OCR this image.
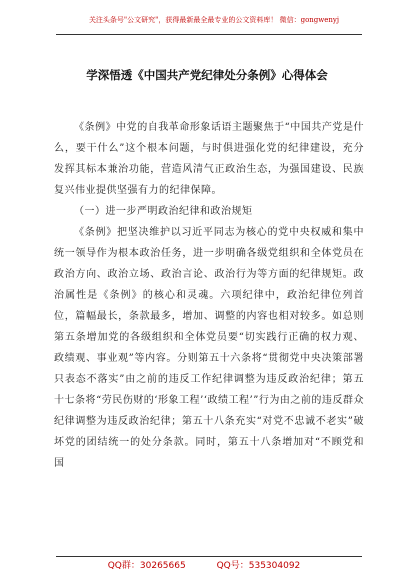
关注头条号"公文研究"，获得最新最全最专业的公文资料库！ 微信：gongwenyj
学深悟透《中国共产党纪律处分条例》心得体会

《条例》中党的自我革命形象话语主题聚焦于“中国共产党是什么，要干什么”这个根本问题，与时俱进强化党的纪律建设，充分发挥其标本兼治功能，营造风清气正政治生态，为强国建设、民族复兴伟业提供坚强有力的纪律保障。

（一）进一步严明政治纪律和政治规矩

《条例》把坚决维护以习近平同志为核心的党中央权威和集中统一领导作为根本政治任务，进一步明确各级党组织和全体党员在政治方向、政治立场、政治言论、政治行为等方面的纪律规矩。政治属性是《条例》的核心和灵魂。六项纪律中，政治纪律位列首位，篇幅最长，条款最多，增加、调整的内容也相对较多。如总则第五条增加党的各级组织和全体党员要“切实践行正确的权力观、政绩观、事业观”等内容。分则第五十六条将“贯彻党中央决策部署只表态不落实”由之前的违反工作纪律调整为违反政治纪律；第五十七条将“劳民伤财的‘形象工程’‘政绩工程’”行为由之前的违反群众纪律调整为违反政治纪律；第五十八条充实“对党不忠诚不老实”破坏党的团结统一的处分条款。同时，第五十八条增加对“不顾党和国

QQ群：30265665	QQ号：535304092
